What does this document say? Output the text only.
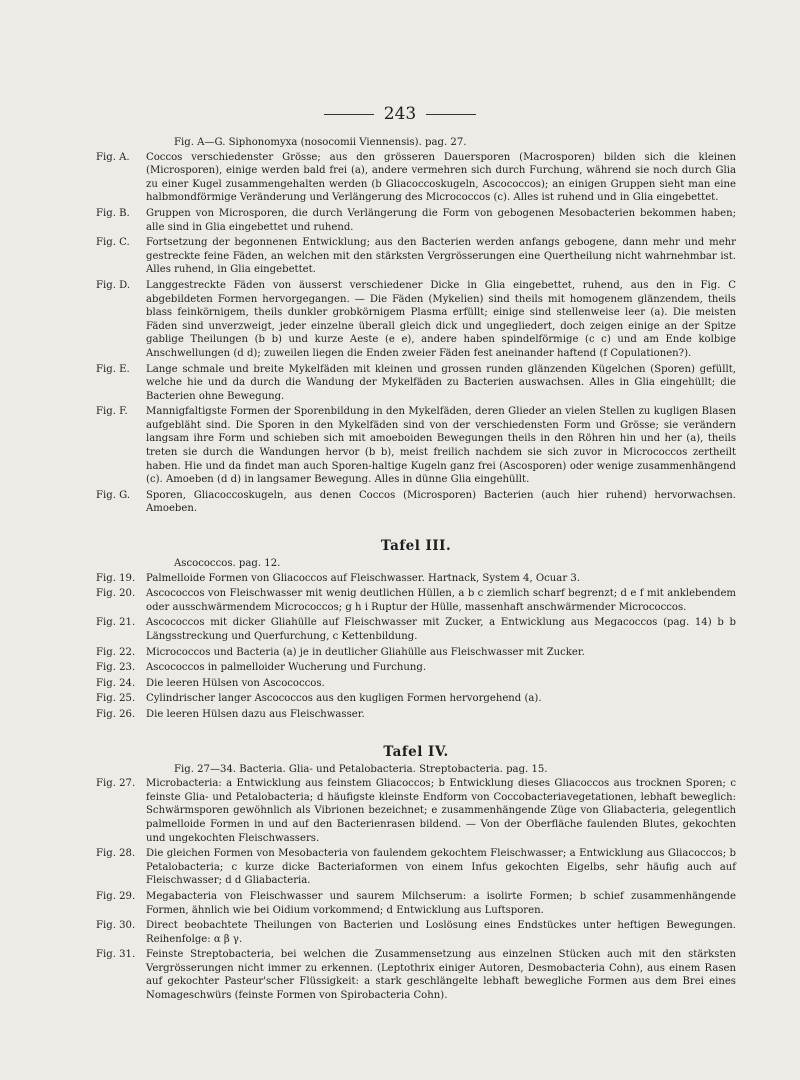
243
Fig. A—G. Siphonomyxa (nosocomii Viennensis). pag. 27.
Fig. A.	Coccos verschiedenster Grösse; aus den grösseren Dauersporen (Macrosporen) bilden sich die kleinen (Microsporen), einige werden bald frei (a), andere vermehren sich durch Furchung, während sie noch durch Glia zu einer Kugel zusammengehalten werden (b Gliacoccoskugeln, Ascococcos); an einigen Gruppen sieht man eine halbmondförmige Veränderung und Verlängerung des Micrococcos (c). Alles ist ruhend und in Glia eingebettet.
Fig. B.	Gruppen von Microsporen, die durch Verlängerung die Form von gebogenen Mesobacterien bekommen haben; alle sind in Glia eingebettet und ruhend.
Fig. C.	Fortsetzung der begonnenen Entwicklung; aus den Bacterien werden anfangs gebogene, dann mehr und mehr gestreckte feine Fäden, an welchen mit den stärksten Vergrösserungen eine Quertheilung nicht wahrnehmbar ist. Alles ruhend, in Glia eingebettet.
Fig. D.	Langgestreckte Fäden von äusserst verschiedener Dicke in Glia eingebettet, ruhend, aus den in Fig. C abgebildeten Formen hervorgegangen. — Die Fäden (Mykelien) sind theils mit homogenem glänzendem, theils blass feinkörnigem, theils dunkler grobkörnigem Plasma erfüllt; einige sind stellenweise leer (a). Die meisten Fäden sind unverzweigt, jeder einzelne überall gleich dick und ungegliedert, doch zeigen einige an der Spitze gablige Theilungen (b b) und kurze Aeste (e e), andere haben spindelförmige (c c) und am Ende kolbige Anschwellungen (d d); zuweilen liegen die Enden zweier Fäden fest aneinander haftend (f Copulationen?).
Fig. E.	Lange schmale und breite Mykelfäden mit kleinen und grossen runden glänzenden Kügelchen (Sporen) gefüllt, welche hie und da durch die Wandung der Mykelfäden zu Bacterien auswachsen. Alles in Glia eingehüllt; die Bacterien ohne Bewegung.
Fig. F.	Mannigfaltigste Formen der Sporenbildung in den Mykelfäden, deren Glieder an vielen Stellen zu kugligen Blasen aufgebläht sind. Die Sporen in den Mykelfäden sind von der verschiedensten Form und Grösse; sie verändern langsam ihre Form und schieben sich mit amoeboiden Bewegungen theils in den Röhren hin und her (a), theils treten sie durch die Wandungen hervor (b b), meist freilich nachdem sie sich zuvor in Micrococcos zertheilt haben. Hie und da findet man auch Sporen-haltige Kugeln ganz frei (Ascosporen) oder wenige zusammenhängend (c). Amoeben (d d) in langsamer Bewegung. Alles in dünne Glia eingehüllt.
Fig. G.	Sporen, Gliacoccoskugeln, aus denen Coccos (Microsporen) Bacterien (auch hier ruhend) hervorwachsen. Amoeben.
Tafel III.
Ascococcos. pag. 12.
Fig. 19.	Palmelloide Formen von Gliacoccos auf Fleischwasser. Hartnack, System 4, Ocuar 3.
Fig. 20.	Ascococcos von Fleischwasser mit wenig deutlichen Hüllen, a b c ziemlich scharf begrenzt; d e f mit anklebendem oder ausschwärmendem Micrococcos; g h i Ruptur der Hülle, massenhaft anschwärmender Micrococcos.
Fig. 21.	Ascococcos mit dicker Gliahülle auf Fleischwasser mit Zucker, a Entwicklung aus Megacoccos (pag. 14) b b Längsstreckung und Querfurchung, c Kettenbildung.
Fig. 22.	Micrococcos und Bacteria (a) je in deutlicher Gliahülle aus Fleischwasser mit Zucker.
Fig. 23.	Ascococcos in palmelloider Wucherung und Furchung.
Fig. 24.	Die leeren Hülsen von Ascococcos.
Fig. 25.	Cylindrischer langer Ascococcos aus den kugligen Formen hervorgehend (a).
Fig. 26.	Die leeren Hülsen dazu aus Fleischwasser.
Tafel IV.
Fig. 27—34. Bacteria. Glia- und Petalobacteria. Streptobacteria. pag. 15.
Fig. 27.	Microbacteria: a Entwicklung aus feinstem Gliacoccos; b Entwicklung dieses Gliacoccos aus trocknen Sporen; c feinste Glia- und Petalobacteria; d häufigste kleinste Endform von Coccobacteriavegetationen, lebhaft beweglich: Schwärmsporen gewöhnlich als Vibrionen bezeichnet; e zusammenhängende Züge von Gliabacteria, gelegentlich palmelloide Formen in und auf den Bacterienrasen bildend. — Von der Oberfläche faulenden Blutes, gekochten und ungekochten Fleischwassers.
Fig. 28.	Die gleichen Formen von Mesobacteria von faulendem gekochtem Fleischwasser; a Entwicklung aus Gliacoccos; b Petalobacteria; c kurze dicke Bacteriaformen von einem Infus gekochten Eigelbs, sehr häufig auch auf Fleischwasser; d d Gliabacteria.
Fig. 29.	Megabacteria von Fleischwasser und saurem Milchserum: a isolirte Formen; b schief zusammenhängende Formen, ähnlich wie bei Oidium vorkommend; d Entwicklung aus Luftsporen.
Fig. 30.	Direct beobachtete Theilungen von Bacterien und Loslösung eines Endstückes unter heftigen Bewegungen. Reihenfolge: α β γ.
Fig. 31.	Feinste Streptobacteria, bei welchen die Zusammensetzung aus einzelnen Stücken auch mit den stärksten Vergrösserungen nicht immer zu erkennen. (Leptothrix einiger Autoren, Desmobacteria Cohn), aus einem Rasen auf gekochter Pasteur'scher Flüssigkeit: a stark geschlängelte lebhaft bewegliche Formen aus dem Brei eines Nomageschwürs (feinste Formen von Spirobacteria Cohn).
